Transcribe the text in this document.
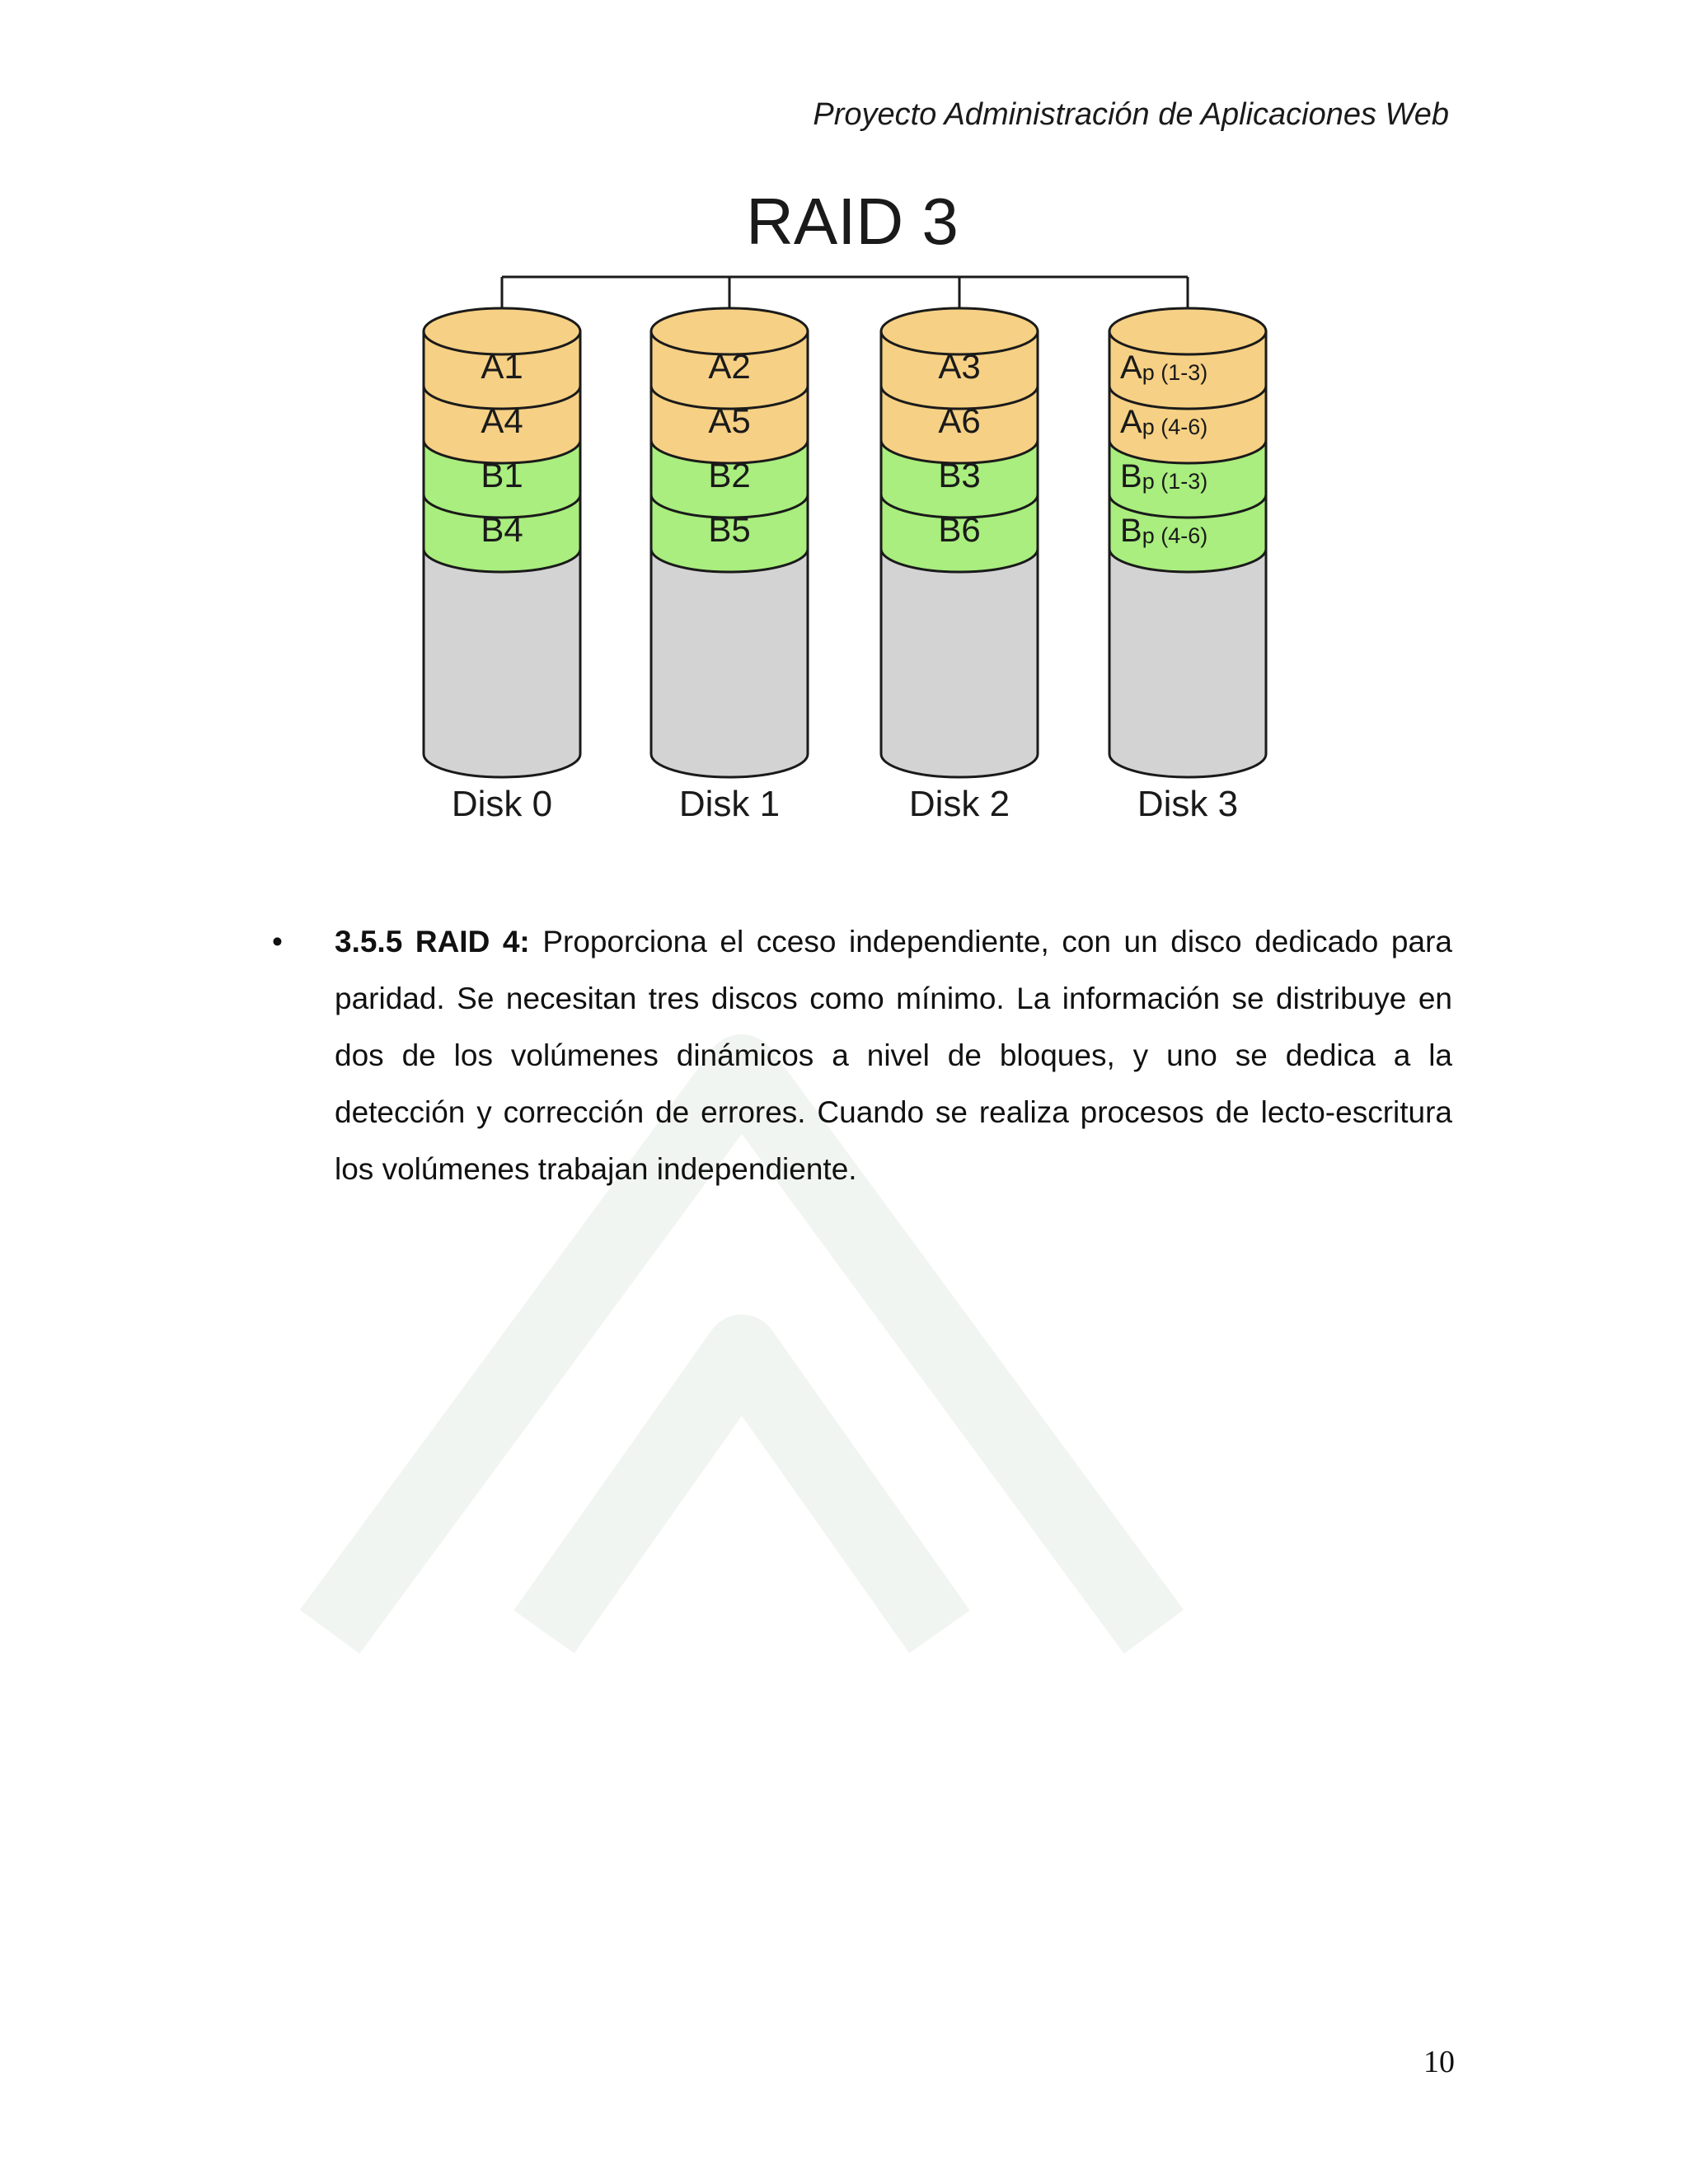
Proyecto Administración de Aplicaciones Web
RAID 3
A1
A4
B1
B4
Disk 0
A2
A5
B2
B5
Disk 1
A3
A6
B3
B6
Disk 2
Ap (1-3)
Ap (4-6)
Bp (1-3)
Bp (4-6)
Disk 3
• 3.5.5 RAID 4: Proporciona el cceso independiente, con un disco dedicado para paridad. Se necesitan tres discos como mínimo. La información se distribuye en dos de los volúmenes dinámicos a nivel de bloques, y uno se dedica a la detección y corrección de errores. Cuando se realiza procesos de lecto-escritura los volúmenes trabajan independiente.
10
